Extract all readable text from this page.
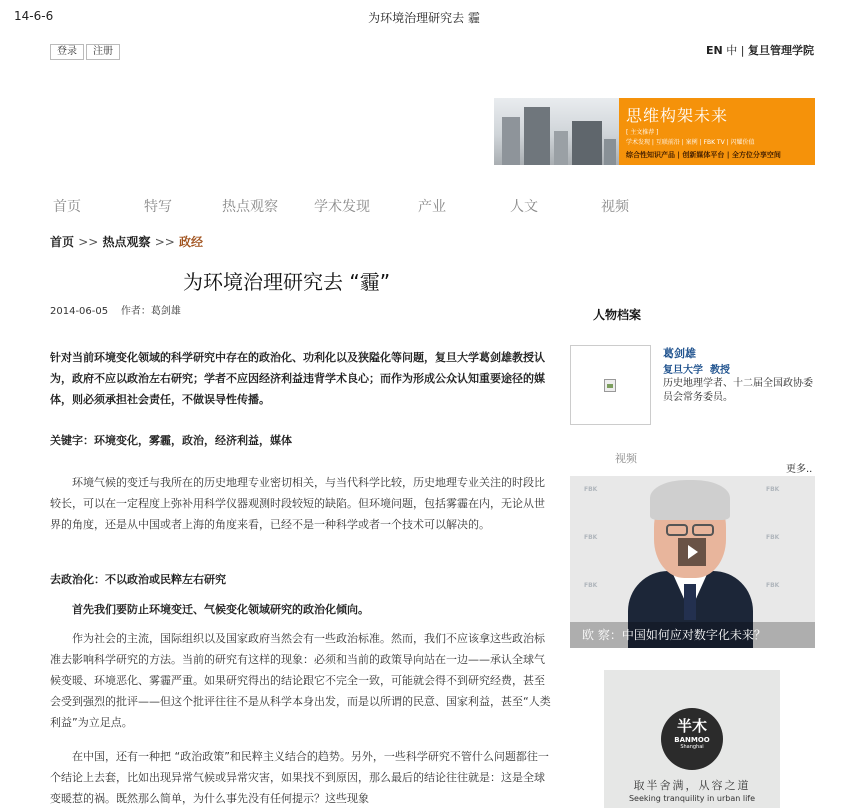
14-6-6	为环境治理研究去 霾
登录	注册	EN 中 | 复旦管理学院
思维构架未来
[ 主文推荐 ]
学术发现 | 互联前沿 | 案例 | FBK TV | 闪耀价值
综合性知识产品 | 创新媒体平台 | 全方位分享空间
首页	特写	热点观察	学术发现	产业	人文	视频
首页 >> 热点观察 >> 政经
为环境治理研究去 “霾”
2014-06-05 作者：葛剑雄
针对当前环境变化领域的科学研究中存在的政治化、功利化以及狭隘化等问题，复旦大学葛剑雄教授认为，政府不应以政治左右研究；学者不应因经济利益违背学术良心；而作为形成公众认知重要途径的媒体，则必须承担社会责任，不做误导性传播。
关键字：环境变化，雾霾，政治，经济利益，媒体
环境气候的变迁与我所在的历史地理专业密切相关，与当代科学比较，历史地理专业关注的时段比较长，可以在一定程度上弥补用科学仪器观测时段较短的缺陷。但环境问题，包括雾霾在内，无论从世界的角度，还是从中国或者上海的角度来看，已经不是一种科学或者一个技术可以解决的。
去政治化：不以政治或民粹左右研究
首先我们要防止环境变迁、气候变化领域研究的政治化倾向。
作为社会的主流，国际组织以及国家政府当然会有一些政治标准。然而，我们不应该拿这些政治标准去影响科学研究的方法。当前的研究有这样的现象：必须和当前的政策导向站在一边——承认全球气候变暖、环境恶化、雾霾严重。如果研究得出的结论跟它不完全一致，可能就会得不到研究经费，甚至会受到强烈的批评——但这个批评往往不是从科学本身出发，而是以所谓的民意、国家利益，甚至“人类利益”为立足点。
在中国，还有一种把 “政治政策”和民粹主义结合的趋势。另外，一些科学研究不管什么问题都往一个结论上去套，比如出现异常气候或异常灾害，如果找不到原因，那么最后的结论往往就是：这是全球变暖惹的祸。既然那么简单，为什么事先没有任何提示？这些现象
人物档案
葛剑雄
复旦大学 教授
历史地理学者、十二届全国政协委员会常务委员。
视频
更多..
FBK
FBK
FBK
FBK
FBK
FBK
欧 察：中国如何应对数字化未来？
半木
BANMOO
Shanghai
取半舍满，从容之道
Seeking tranquility in urban life
